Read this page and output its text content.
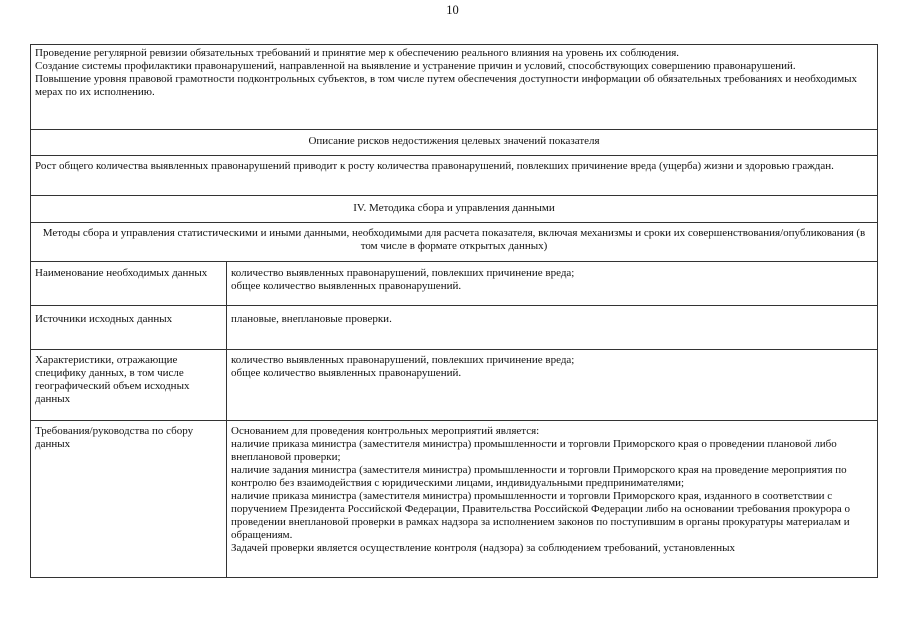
10
Проведение регулярной ревизии обязательных требований и принятие мер к обеспечению реального влияния на уровень их соблюдения.
Создание системы профилактики правонарушений, направленной на выявление и устранение причин и условий, способствующих совершению правонарушений.
Повышение уровня правовой грамотности подконтрольных субъектов, в том числе путем обеспечения доступности информации об обязательных требованиях и необходимых мерах по их исполнению.	

Описание рисков недостижения целевых значений показателя	
Рост общего количества выявленных правонарушений приводит к росту количества правонарушений, повлекших причинение вреда (ущерба) жизни и здоровью граждан.	
IV. Методика сбора и управления данными	
Методы сбора и управления статистическими и иными данными, необходимыми для расчета показателя, включая механизмы и сроки их совершенствования/опубликования (в том числе в формате открытых данных)	
Наименование необходимых данных	количество выявленных правонарушений, повлекших причинение вреда;
общее количество выявленных правонарушений.

Источники исходных данных	плановые, внеплановые проверки.

Характеристики, отражающие специфику данных, в том числе географический объем исходных данных	количество выявленных правонарушений, повлекших причинение вреда;
общее количество выявленных правонарушений.

Требования/руководства по сбору данных	Основанием для проведения контрольных мероприятий является:
наличие приказа министра (заместителя министра) промышленности и торговли Приморского края о проведении плановой либо внеплановой проверки;
наличие задания министра (заместителя министра) промышленности и торговли Приморского края на проведение мероприятия по контролю без взаимодействия с юридическими лицами, индивидуальными предпринимателями;
наличие приказа министра (заместителя министра) промышленности и торговли Приморского края, изданного в соответствии с поручением Президента Российской Федерации, Правительства Российской Федерации либо на основании требования прокурора о проведении внеплановой проверки в рамках надзора за исполнением законов по поступившим в органы прокуратуры материалам и обращениям.
Задачей проверки является осуществление контроля (надзора) за соблюдением требований, установленных
